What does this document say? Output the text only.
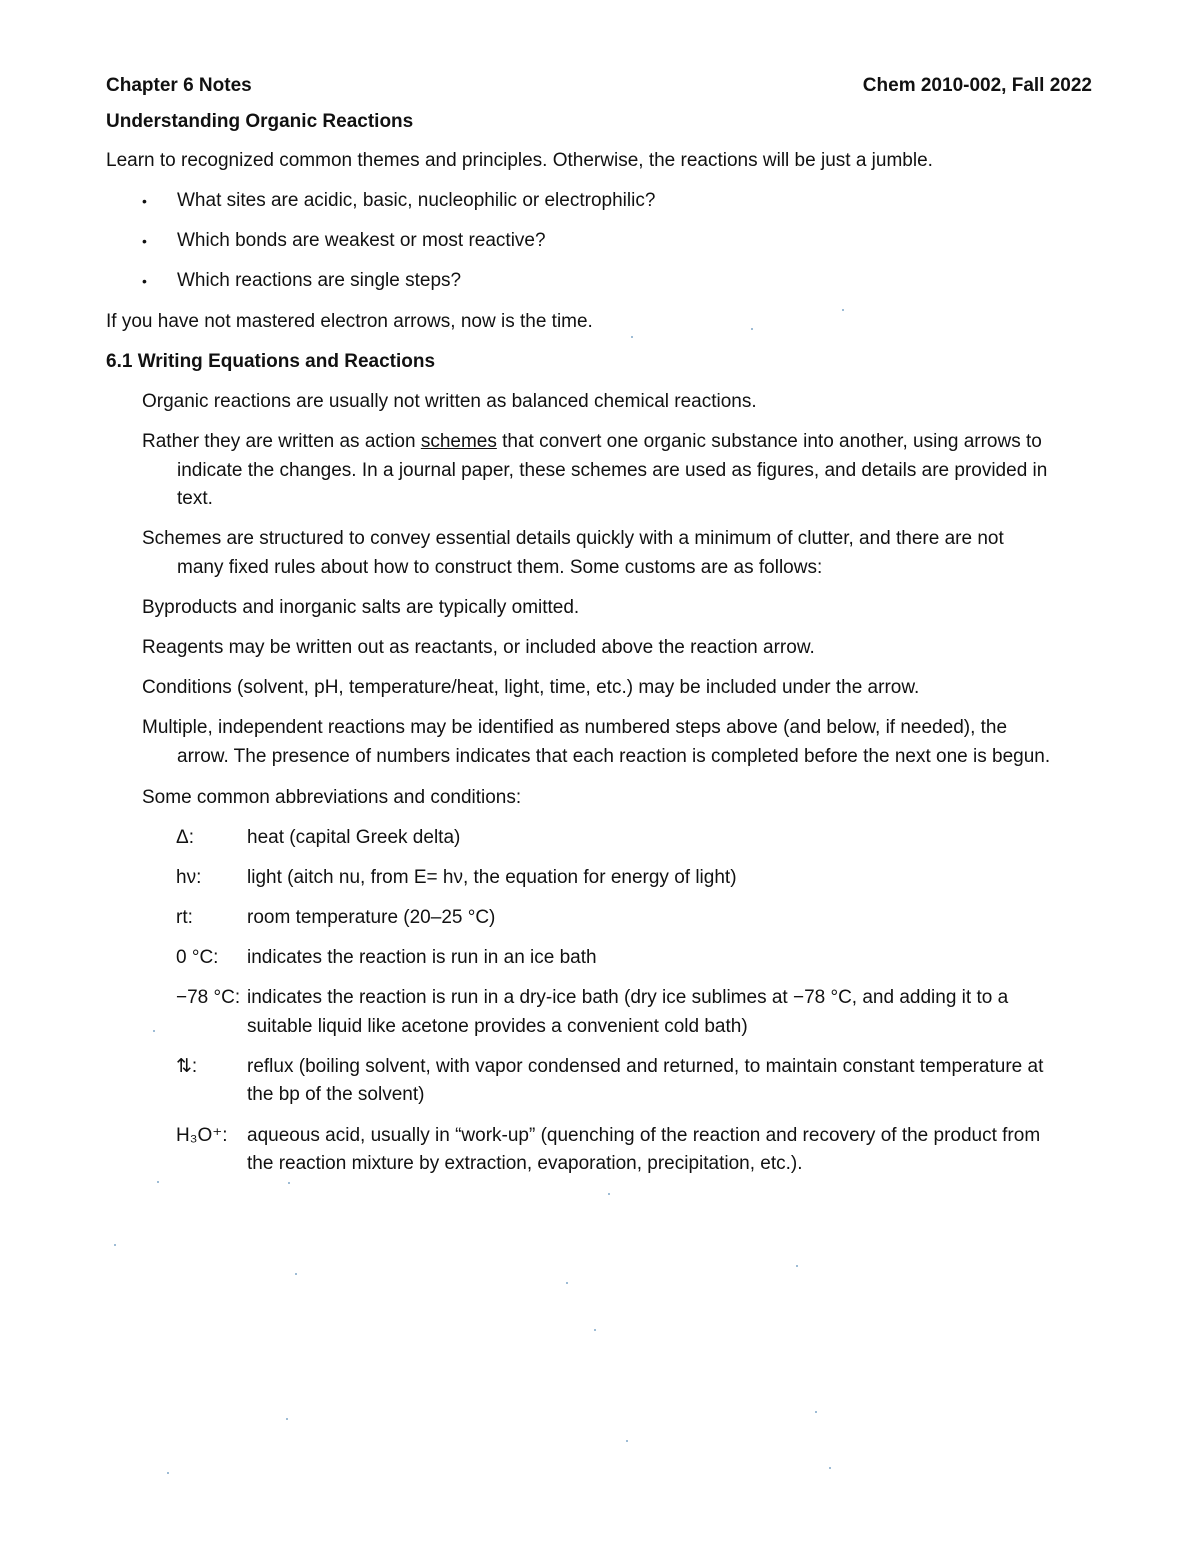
Chapter 6 Notes	Chem 2010-002, Fall 2022
Understanding Organic Reactions
Learn to recognized common themes and principles. Otherwise, the reactions will be just a jumble.
• What sites are acidic, basic, nucleophilic or electrophilic?
• Which bonds are weakest or most reactive?
• Which reactions are single steps?
If you have not mastered electron arrows, now is the time.
6.1 Writing Equations and Reactions
Organic reactions are usually not written as balanced chemical reactions.
Rather they are written as action schemes that convert one organic substance into another, using arrows to
indicate the changes. In a journal paper, these schemes are used as figures, and details are provided in
text.
Schemes are structured to convey essential details quickly with a minimum of clutter, and there are not
many fixed rules about how to construct them. Some customs are as follows:
Byproducts and inorganic salts are typically omitted.
Reagents may be written out as reactants, or included above the reaction arrow.
Conditions (solvent, pH, temperature/heat, light, time, etc.) may be included under the arrow.
Multiple, independent reactions may be identified as numbered steps above (and below, if needed), the
arrow. The presence of numbers indicates that each reaction is completed before the next one is begun.
Some common abbreviations and conditions:
Δ:	heat (capital Greek delta)
hν: light (aitch nu, from E= hν, the equation for energy of light)
rt:	room temperature (20–25 °C)
0 °C: indicates the reaction is run in an ice bath
−78 °C: indicates the reaction is run in a dry-ice bath (dry ice sublimes at −78 °C, and adding it to a
suitable liquid like acetone provides a convenient cold bath)
⇅:	reflux (boiling solvent, with vapor condensed and returned, to maintain constant temperature at
the bp of the solvent)
H₃O⁺: aqueous acid, usually in “work-up” (quenching of the reaction and recovery of the product from
the reaction mixture by extraction, evaporation, precipitation, etc.).
